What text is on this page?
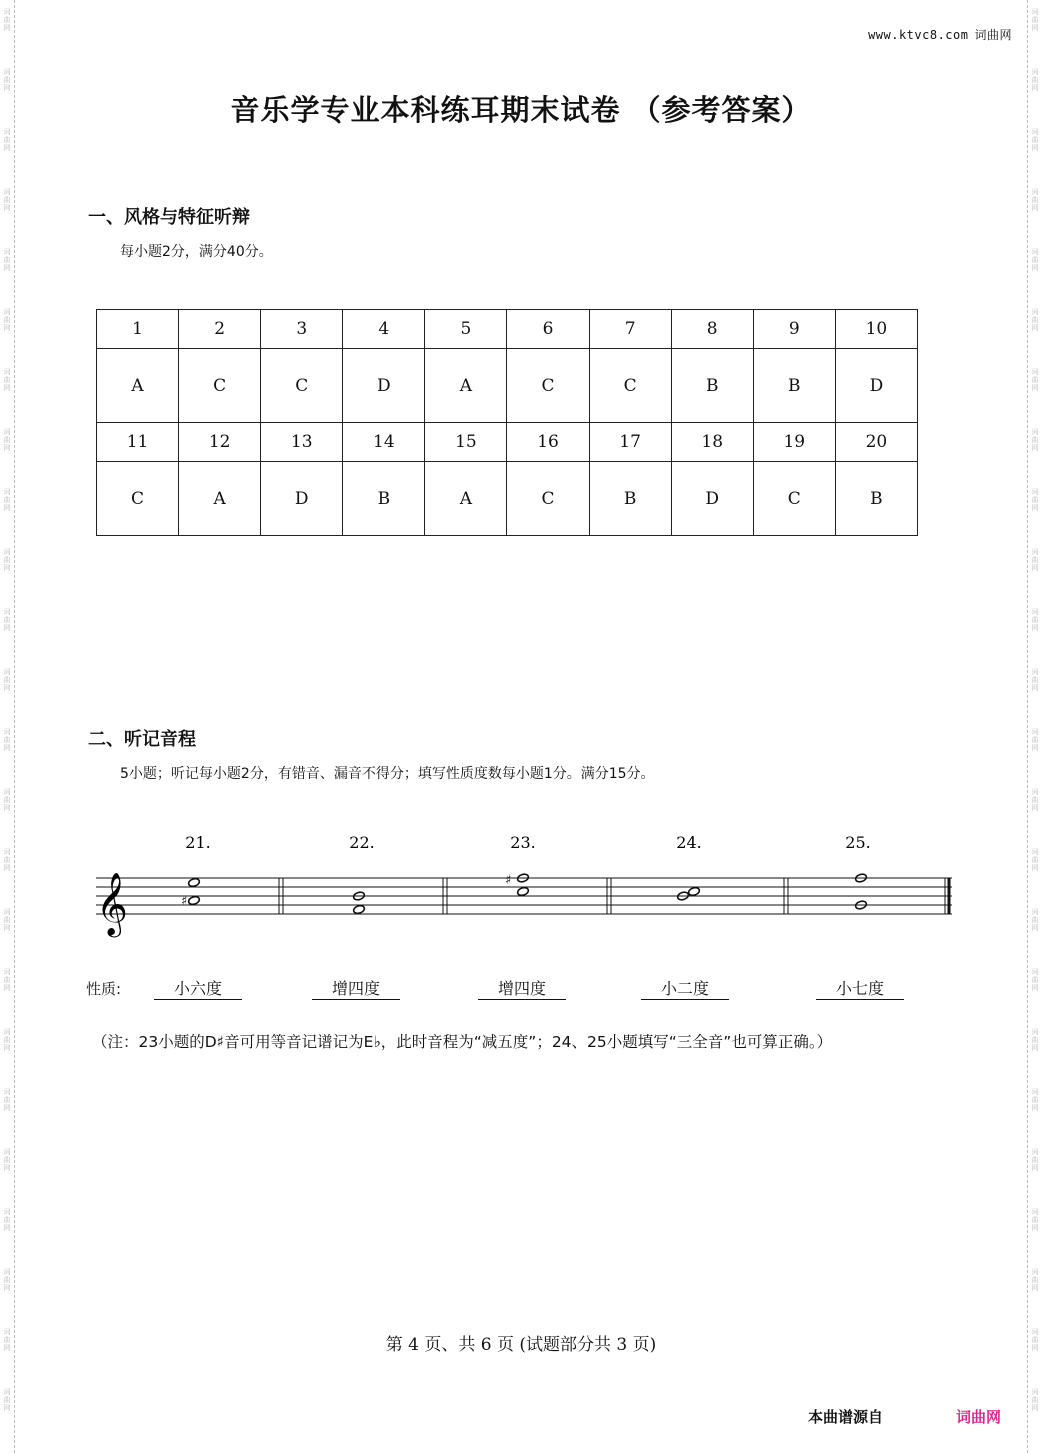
词曲网
词曲网
词曲网
词曲网
词曲网
词曲网
词曲网
词曲网
词曲网
词曲网
词曲网
词曲网
词曲网
词曲网
词曲网
词曲网
词曲网
词曲网
词曲网
词曲网
词曲网
词曲网
词曲网
词曲网
词曲网
词曲网
词曲网
词曲网
词曲网
词曲网
词曲网
词曲网
词曲网
词曲网
词曲网
词曲网
词曲网
词曲网
词曲网
词曲网
词曲网
词曲网
词曲网
词曲网
词曲网
词曲网
词曲网
词曲网
www.ktvc8.com 词曲网
音乐学专业本科练耳期末试卷 （参考答案）
一、风格与特征听辩
每小题2分，满分40分。
1	2	3	4	5	6	7	8	9	10
A	C	C	D	A	C	C	B	B	D
11	12	13	14	15	16	17	18	19	20
C	A	D	B	A	C	B	D	C	B
二、听记音程
5小题；听记每小题2分，有错音、漏音不得分；填写性质度数每小题1分。满分15分。
21.	22.	23.	24.	25.
𝄞	♯
♯
性质:	小六度	增四度	增四度	小二度	小七度
（注：23小题的D♯音可用等音记谱记为E♭，此时音程为“减五度”；24、25小题填写“三全音”也可算正确。）
第 4 页、共 6 页 (试题部分共 3 页)
本曲谱源自	词曲网
